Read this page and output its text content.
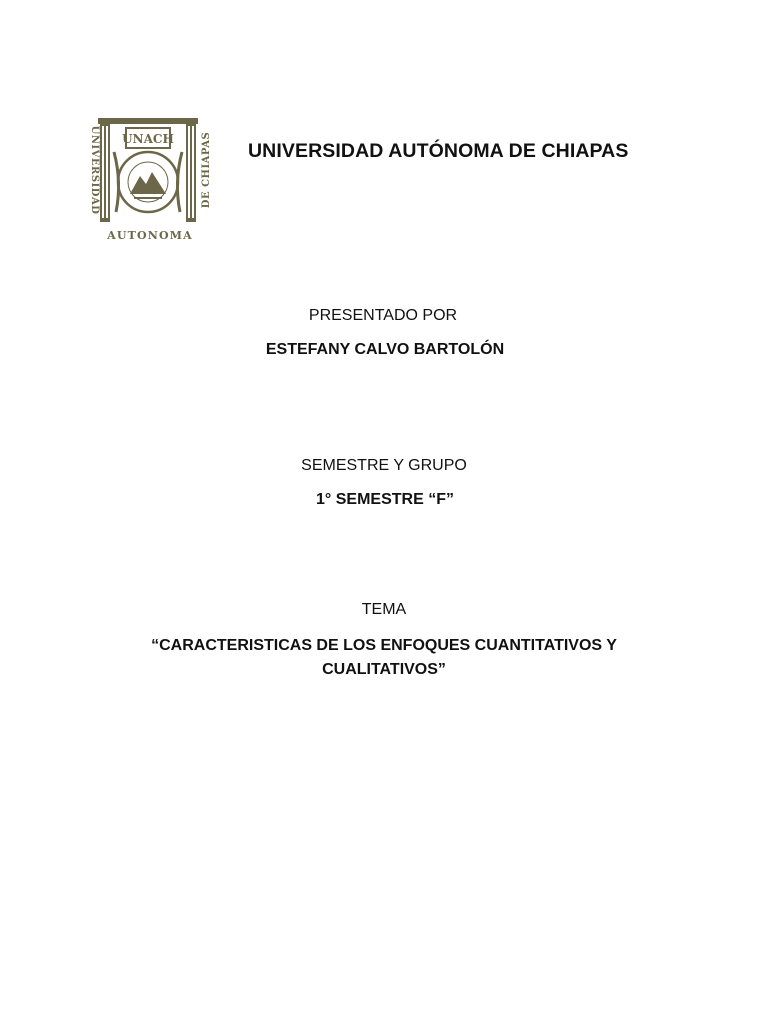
UNIVERSIDAD	DE CHIAPAS
UNACH
AUTONOMA
UNIVERSIDAD AUTÓNOMA DE CHIAPAS
PRESENTADO POR
ESTEFANY CALVO BARTOLÓN
SEMESTRE Y GRUPO
1° SEMESTRE “F”
TEMA
“CARACTERISTICAS DE LOS ENFOQUES CUANTITATIVOS Y
CUALITATIVOS”
